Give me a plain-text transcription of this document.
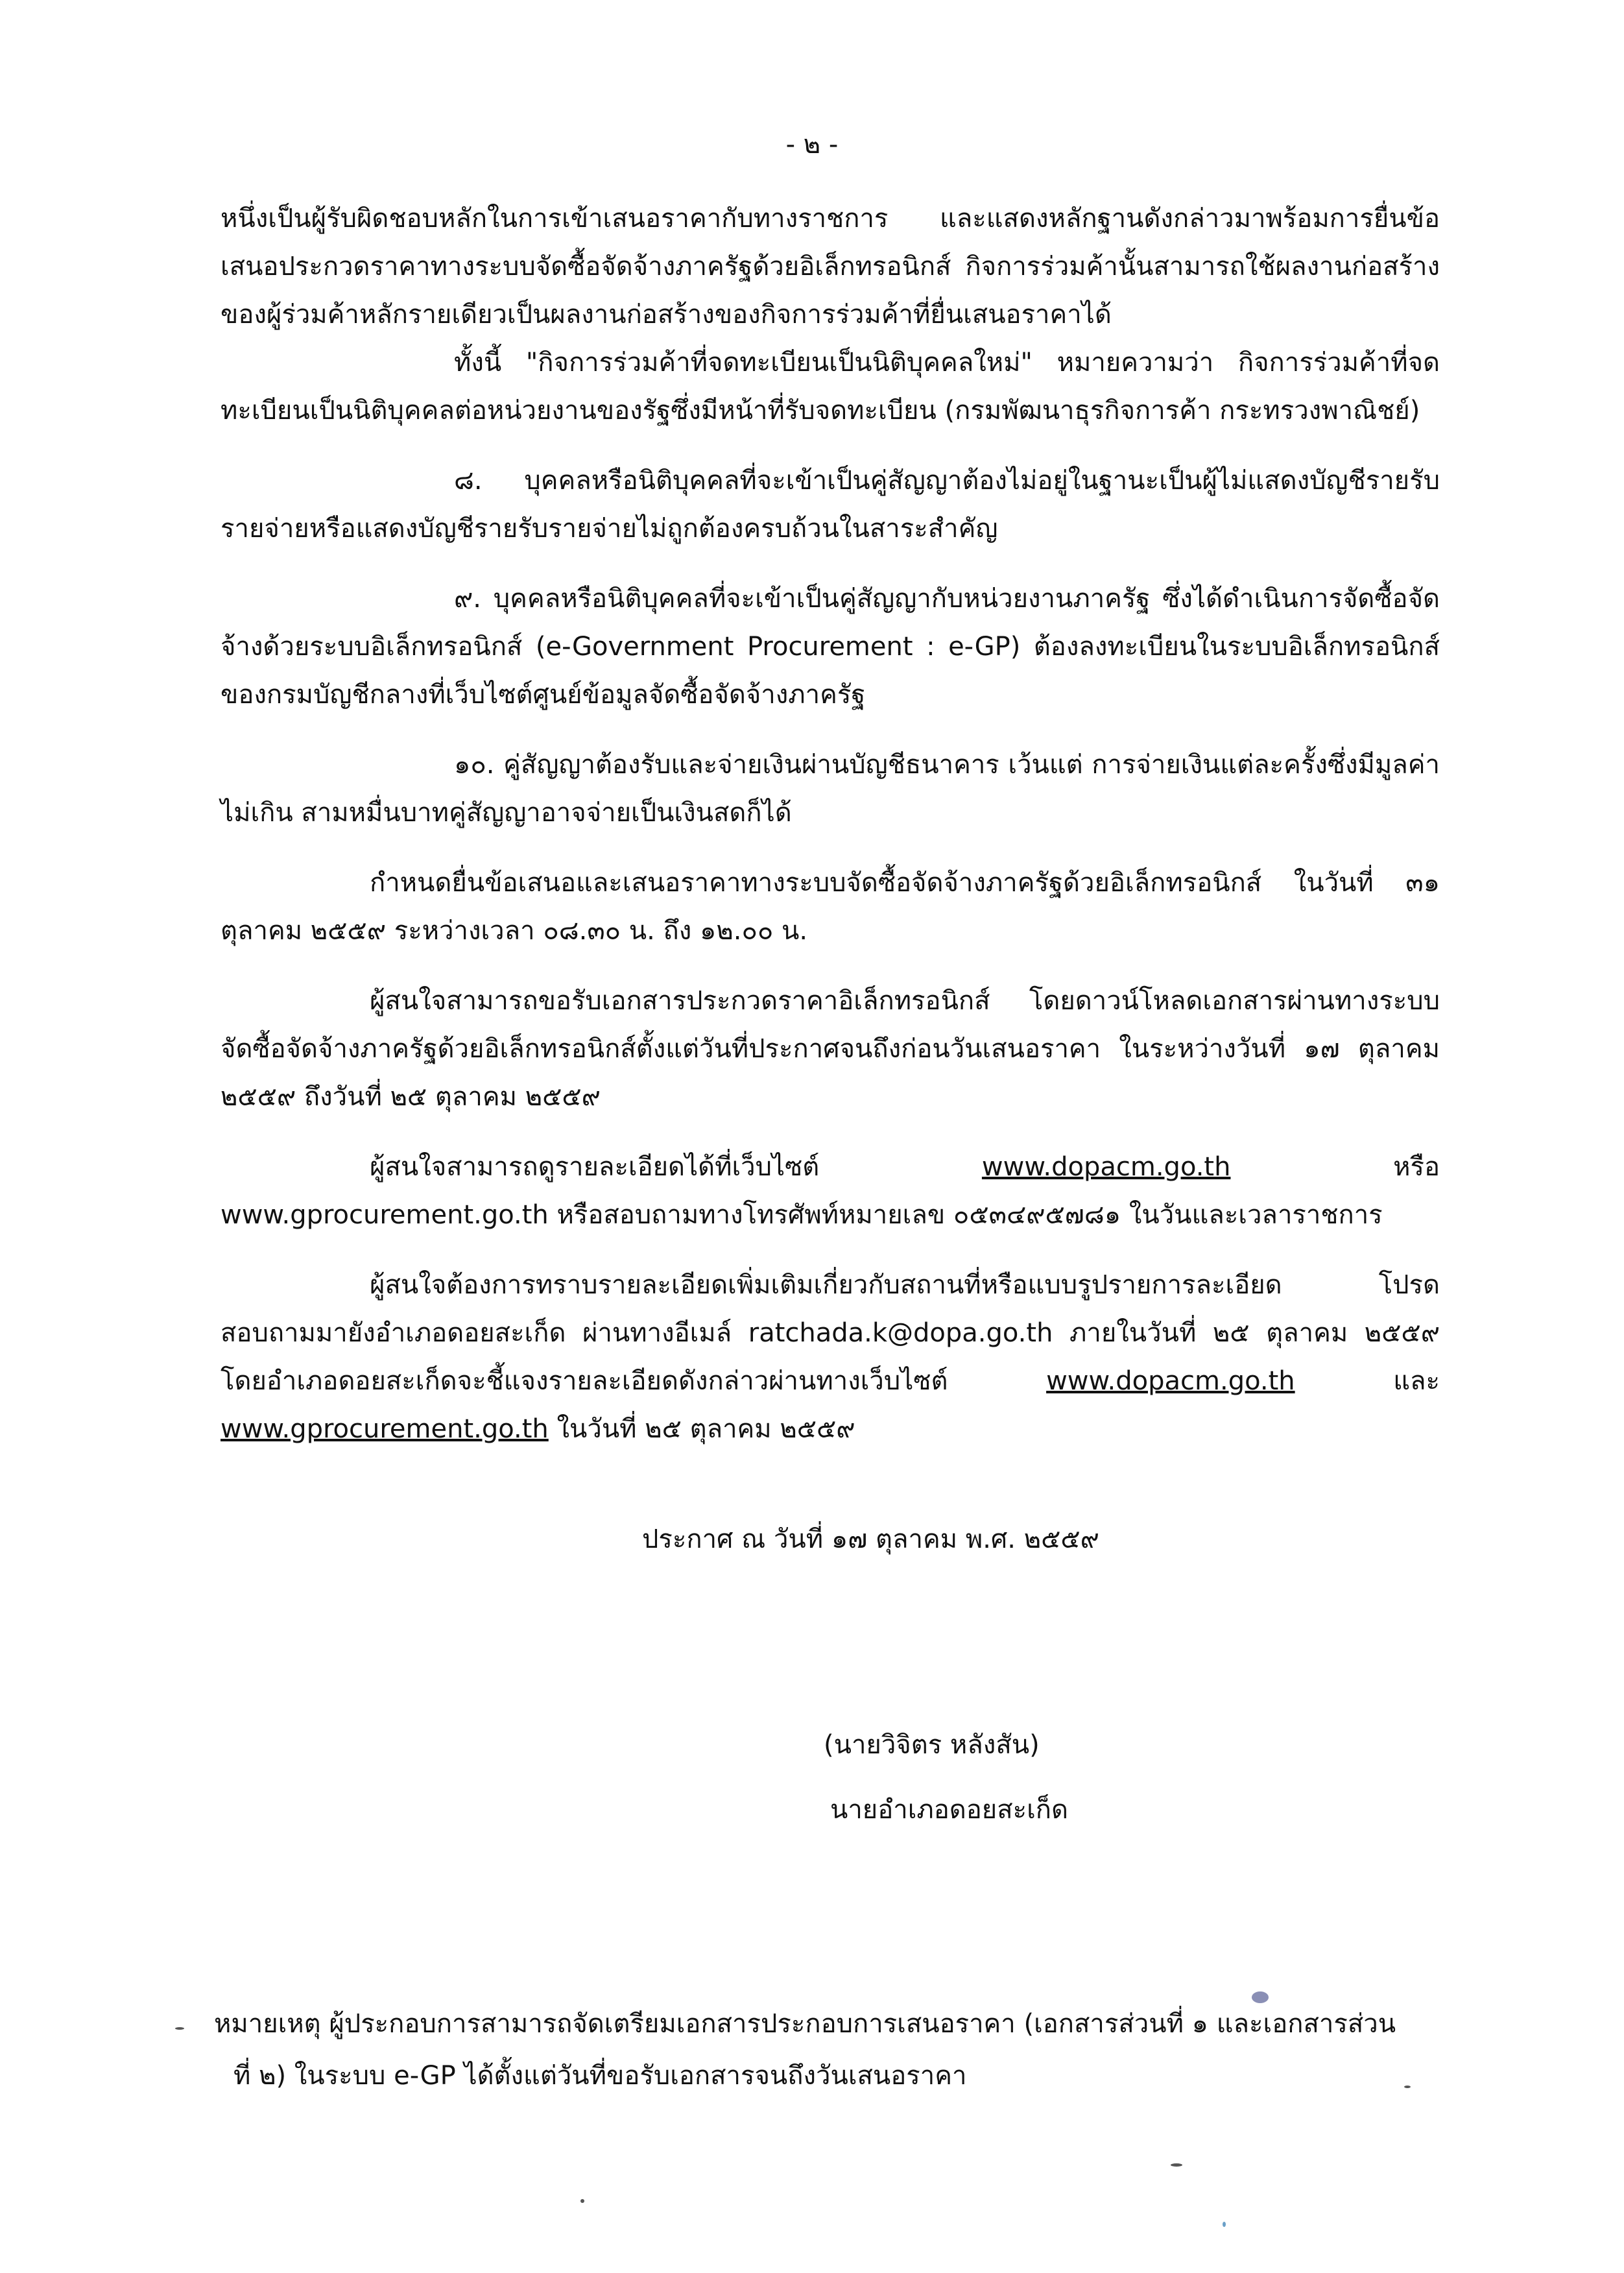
- ๒ -

หนึ่งเป็นผู้รับผิดชอบหลักในการเข้าเสนอราคากับทางราชการ และแสดงหลักฐานดังกล่าวมาพร้อมการยื่นข้อเสนอประกวดราคาทางระบบจัดซื้อจัดจ้างภาครัฐด้วยอิเล็กทรอนิกส์ กิจการร่วมค้านั้นสามารถใช้ผลงานก่อสร้างของผู้ร่วมค้าหลักรายเดียวเป็นผลงานก่อสร้างของกิจการร่วมค้าที่ยื่นเสนอราคาได้

ทั้งนี้ "กิจการร่วมค้าที่จดทะเบียนเป็นนิติบุคคลใหม่" หมายความว่า กิจการร่วมค้าที่จดทะเบียนเป็นนิติบุคคลต่อหน่วยงานของรัฐซึ่งมีหน้าที่รับจดทะเบียน (กรมพัฒนาธุรกิจการค้า กระทรวงพาณิชย์)

๘. บุคคลหรือนิติบุคคลที่จะเข้าเป็นคู่สัญญาต้องไม่อยู่ในฐานะเป็นผู้ไม่แสดงบัญชีรายรับรายจ่ายหรือแสดงบัญชีรายรับรายจ่ายไม่ถูกต้องครบถ้วนในสาระสำคัญ

๙. บุคคลหรือนิติบุคคลที่จะเข้าเป็นคู่สัญญากับหน่วยงานภาครัฐ ซึ่งได้ดำเนินการจัดซื้อจัดจ้างด้วยระบบอิเล็กทรอนิกส์ (e-Government Procurement : e-GP) ต้องลงทะเบียนในระบบอิเล็กทรอนิกส์ของกรมบัญชีกลางที่เว็บไซต์ศูนย์ข้อมูลจัดซื้อจัดจ้างภาครัฐ

๑๐. คู่สัญญาต้องรับและจ่ายเงินผ่านบัญชีธนาคาร เว้นแต่ การจ่ายเงินแต่ละครั้งซึ่งมีมูลค่าไม่เกิน สามหมื่นบาทคู่สัญญาอาจจ่ายเป็นเงินสดก็ได้

กำหนดยื่นข้อเสนอและเสนอราคาทางระบบจัดซื้อจัดจ้างภาครัฐด้วยอิเล็กทรอนิกส์ ในวันที่ ๓๑ ตุลาคม ๒๕๕๙ ระหว่างเวลา ๐๘.๓๐ น. ถึง ๑๒.๐๐ น.

ผู้สนใจสามารถขอรับเอกสารประกวดราคาอิเล็กทรอนิกส์ โดยดาวน์โหลดเอกสารผ่านทางระบบจัดซื้อจัดจ้างภาครัฐด้วยอิเล็กทรอนิกส์ตั้งแต่วันที่ประกาศจนถึงก่อนวันเสนอราคา ในระหว่างวันที่ ๑๗ ตุลาคม ๒๕๕๙ ถึงวันที่ ๒๕ ตุลาคม ๒๕๕๙

ผู้สนใจสามารถดูรายละเอียดได้ที่เว็บไซต์ www.dopacm.go.th หรือ www.gprocurement.go.th หรือสอบถามทางโทรศัพท์หมายเลข ๐๕๓๔๙๕๗๘๑ ในวันและเวลาราชการ

ผู้สนใจต้องการทราบรายละเอียดเพิ่มเติมเกี่ยวกับสถานที่หรือแบบรูปรายการละเอียด โปรดสอบถามมายังอำเภอดอยสะเก็ด ผ่านทางอีเมล์ ratchada.k@dopa.go.th ภายในวันที่ ๒๕ ตุลาคม ๒๕๕๙ โดยอำเภอดอยสะเก็ดจะชี้แจงรายละเอียดดังกล่าวผ่านทางเว็บไซต์ www.dopacm.go.th และ www.gprocurement.go.th ในวันที่ ๒๕ ตุลาคม ๒๕๕๙

ประกาศ ณ วันที่ ๑๗ ตุลาคม พ.ศ. ๒๕๕๙
(นายวิจิตร หลังสัน)
นายอำเภอดอยสะเก็ด
หมายเหตุ ผู้ประกอบการสามารถจัดเตรียมเอกสารประกอบการเสนอราคา (เอกสารส่วนที่ ๑ และเอกสารส่วน
ที่ ๒) ในระบบ e-GP ได้ตั้งแต่วันที่ขอรับเอกสารจนถึงวันเสนอราคา
